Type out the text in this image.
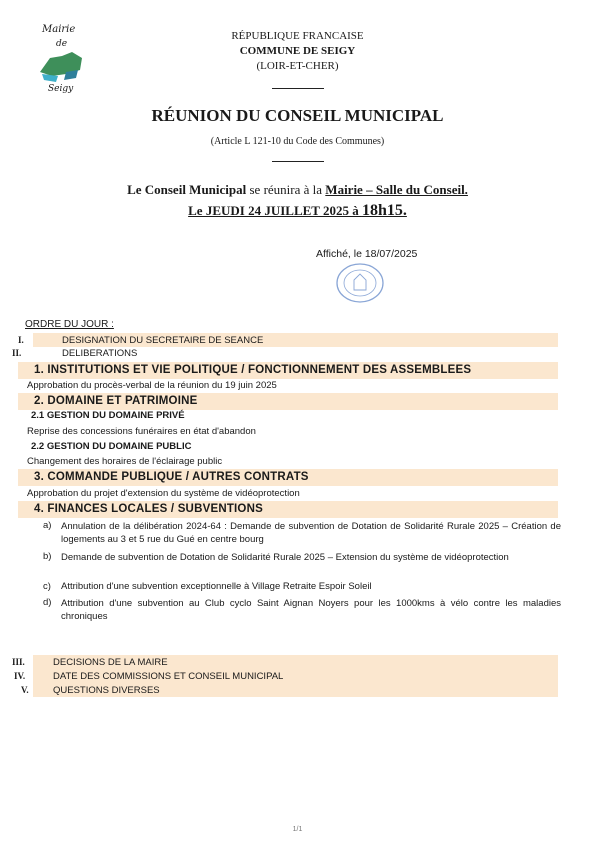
Mairie
de
Seigy
RÉPUBLIQUE FRANCAISE
COMMUNE DE SEIGY
(LOIR-ET-CHER)
RÉUNION DU CONSEIL MUNICIPAL
(Article L 121-10 du Code des Communes)
Le Conseil Municipal se réunira à la Mairie – Salle du Conseil.
Le JEUDI 24 JUILLET 2025 à 18h15.
Affiché, le 18/07/2025
ORDRE DU JOUR :
I.	DESIGNATION DU SECRETAIRE DE SEANCE
II.	DELIBERATIONS
1. INSTITUTIONS ET VIE POLITIQUE / FONCTIONNEMENT DES ASSEMBLEES
Approbation du procès-verbal de la réunion du 19 juin 2025
2. DOMAINE ET PATRIMOINE
2.1 GESTION DU DOMAINE PRIVÉ
Reprise des concessions funéraires en état d'abandon
2.2 GESTION DU DOMAINE PUBLIC
Changement des horaires de l'éclairage public
3. COMMANDE PUBLIQUE / AUTRES CONTRATS
Approbation du projet d'extension du système de vidéoprotection
4. FINANCES LOCALES / SUBVENTIONS
a) Annulation de la délibération 2024-64 : Demande de subvention de Dotation de Solidarité Rurale 2025 – Création de logements au 3 et 5 rue du Gué en centre bourg
b) Demande de subvention de Dotation de Solidarité Rurale 2025 – Extension du système de vidéoprotection
c) Attribution d'une subvention exceptionnelle à Village Retraite Espoir Soleil
d) Attribution d'une subvention au Club cyclo Saint Aignan Noyers pour les 1000kms à vélo contre les maladies chroniques
III.	DECISIONS DE LA MAIRE
IV.	DATE DES COMMISSIONS ET CONSEIL MUNICIPAL
V.	QUESTIONS DIVERSES
1/1
